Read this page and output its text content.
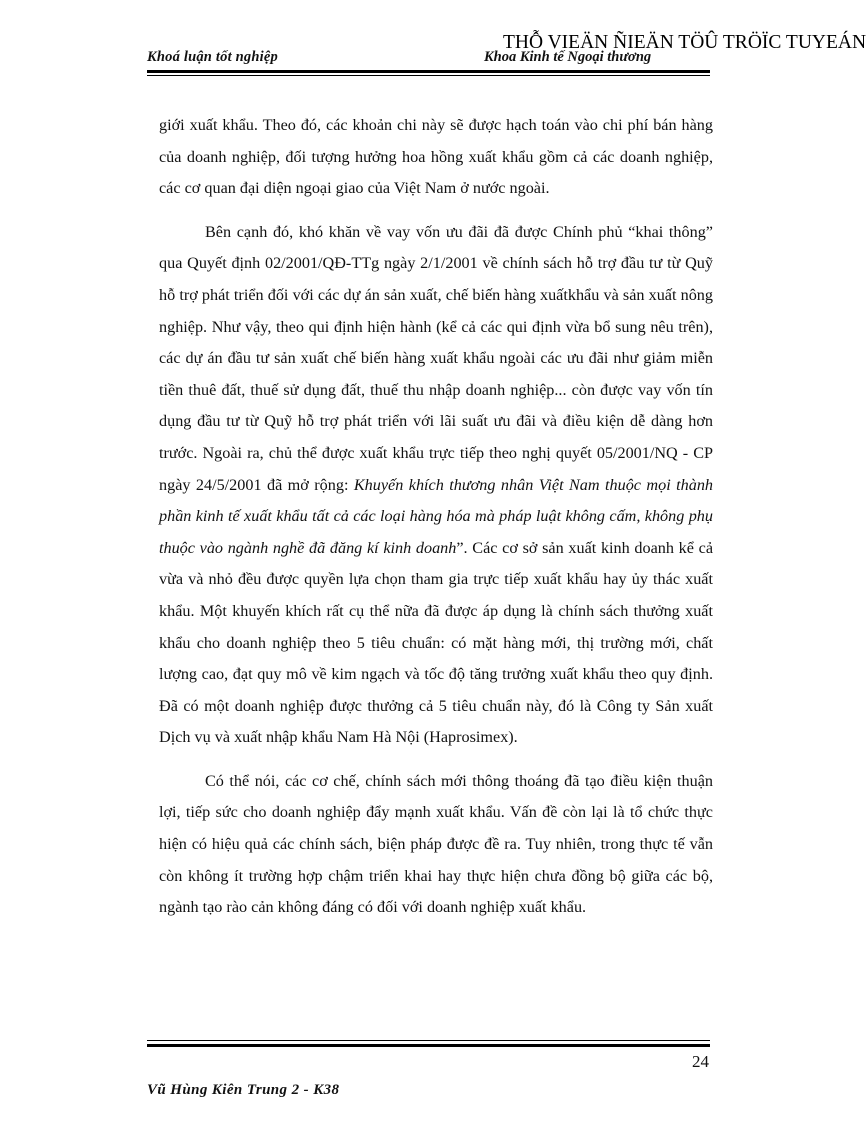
Khoá luận tốt nghiệp	Khoa Kinh tế Ngoại thương
THỖ VIEÄN ÑIEÄN TÖÛ TRÖÏC TUYEÁN

giới xuất khẩu. Theo đó, các khoản chi này sẽ được hạch toán vào chi phí bán hàng của doanh nghiệp, đối tượng hưởng hoa hồng xuất khẩu gồm cả các doanh nghiệp, các cơ quan đại diện ngoại giao của Việt Nam ở nước ngoài.

Bên cạnh đó, khó khăn về vay vốn ưu đãi đã được Chính phủ “khai thông” qua Quyết định 02/2001/QĐ-TTg ngày 2/1/2001 về chính sách hỗ trợ đầu tư từ Quỹ hỗ trợ phát triển đối với các dự án sản xuất, chế biến hàng xuấtkhẩu và sản xuất nông nghiệp. Như vậy, theo qui định hiện hành (kể cả các qui định vừa bổ sung nêu trên), các dự án đầu tư sản xuất chế biến hàng xuất khẩu ngoài các ưu đãi như giảm miễn tiền thuê đất, thuế sử dụng đất, thuế thu nhập doanh nghiệp... còn được vay vốn tín dụng đầu tư từ Quỹ hỗ trợ phát triển với lãi suất ưu đãi và điều kiện dễ dàng hơn trước. Ngoài ra, chủ thể được xuất khẩu trực tiếp theo nghị quyết 05/2001/NQ - CP ngày 24/5/2001 đã mở rộng: Khuyến khích thương nhân Việt Nam thuộc mọi thành phần kinh tế xuất khẩu tất cả các loại hàng hóa mà pháp luật không cấm, không phụ thuộc vào ngành nghề đã đăng kí kinh doanh”. Các cơ sở sản xuất kinh doanh kể cả vừa và nhỏ đều được quyền lựa chọn tham gia trực tiếp xuất khẩu hay ủy thác xuất khẩu. Một khuyến khích rất cụ thể nữa đã được áp dụng là chính sách thưởng xuất khẩu cho doanh nghiệp theo 5 tiêu chuẩn: có mặt hàng mới, thị trường mới, chất lượng cao, đạt quy mô về kim ngạch và tốc độ tăng trưởng xuất khẩu theo quy định. Đã có một doanh nghiệp được thưởng cả 5 tiêu chuẩn này, đó là Công ty Sản xuất Dịch vụ và xuất nhập khẩu Nam Hà Nội (Haprosimex).

Có thể nói, các cơ chế, chính sách mới thông thoáng đã tạo điều kiện thuận lợi, tiếp sức cho doanh nghiệp đẩy mạnh xuất khẩu. Vấn đề còn lại là tổ chức thực hiện có hiệu quả các chính sách, biện pháp được đề ra. Tuy nhiên, trong thực tế vẫn còn không ít trường hợp chậm triển khai hay thực hiện chưa đồng bộ giữa các bộ, ngành tạo rào cản không đáng có đối với doanh nghiệp xuất khẩu.

24
Vũ Hùng Kiên Trung 2 - K38
